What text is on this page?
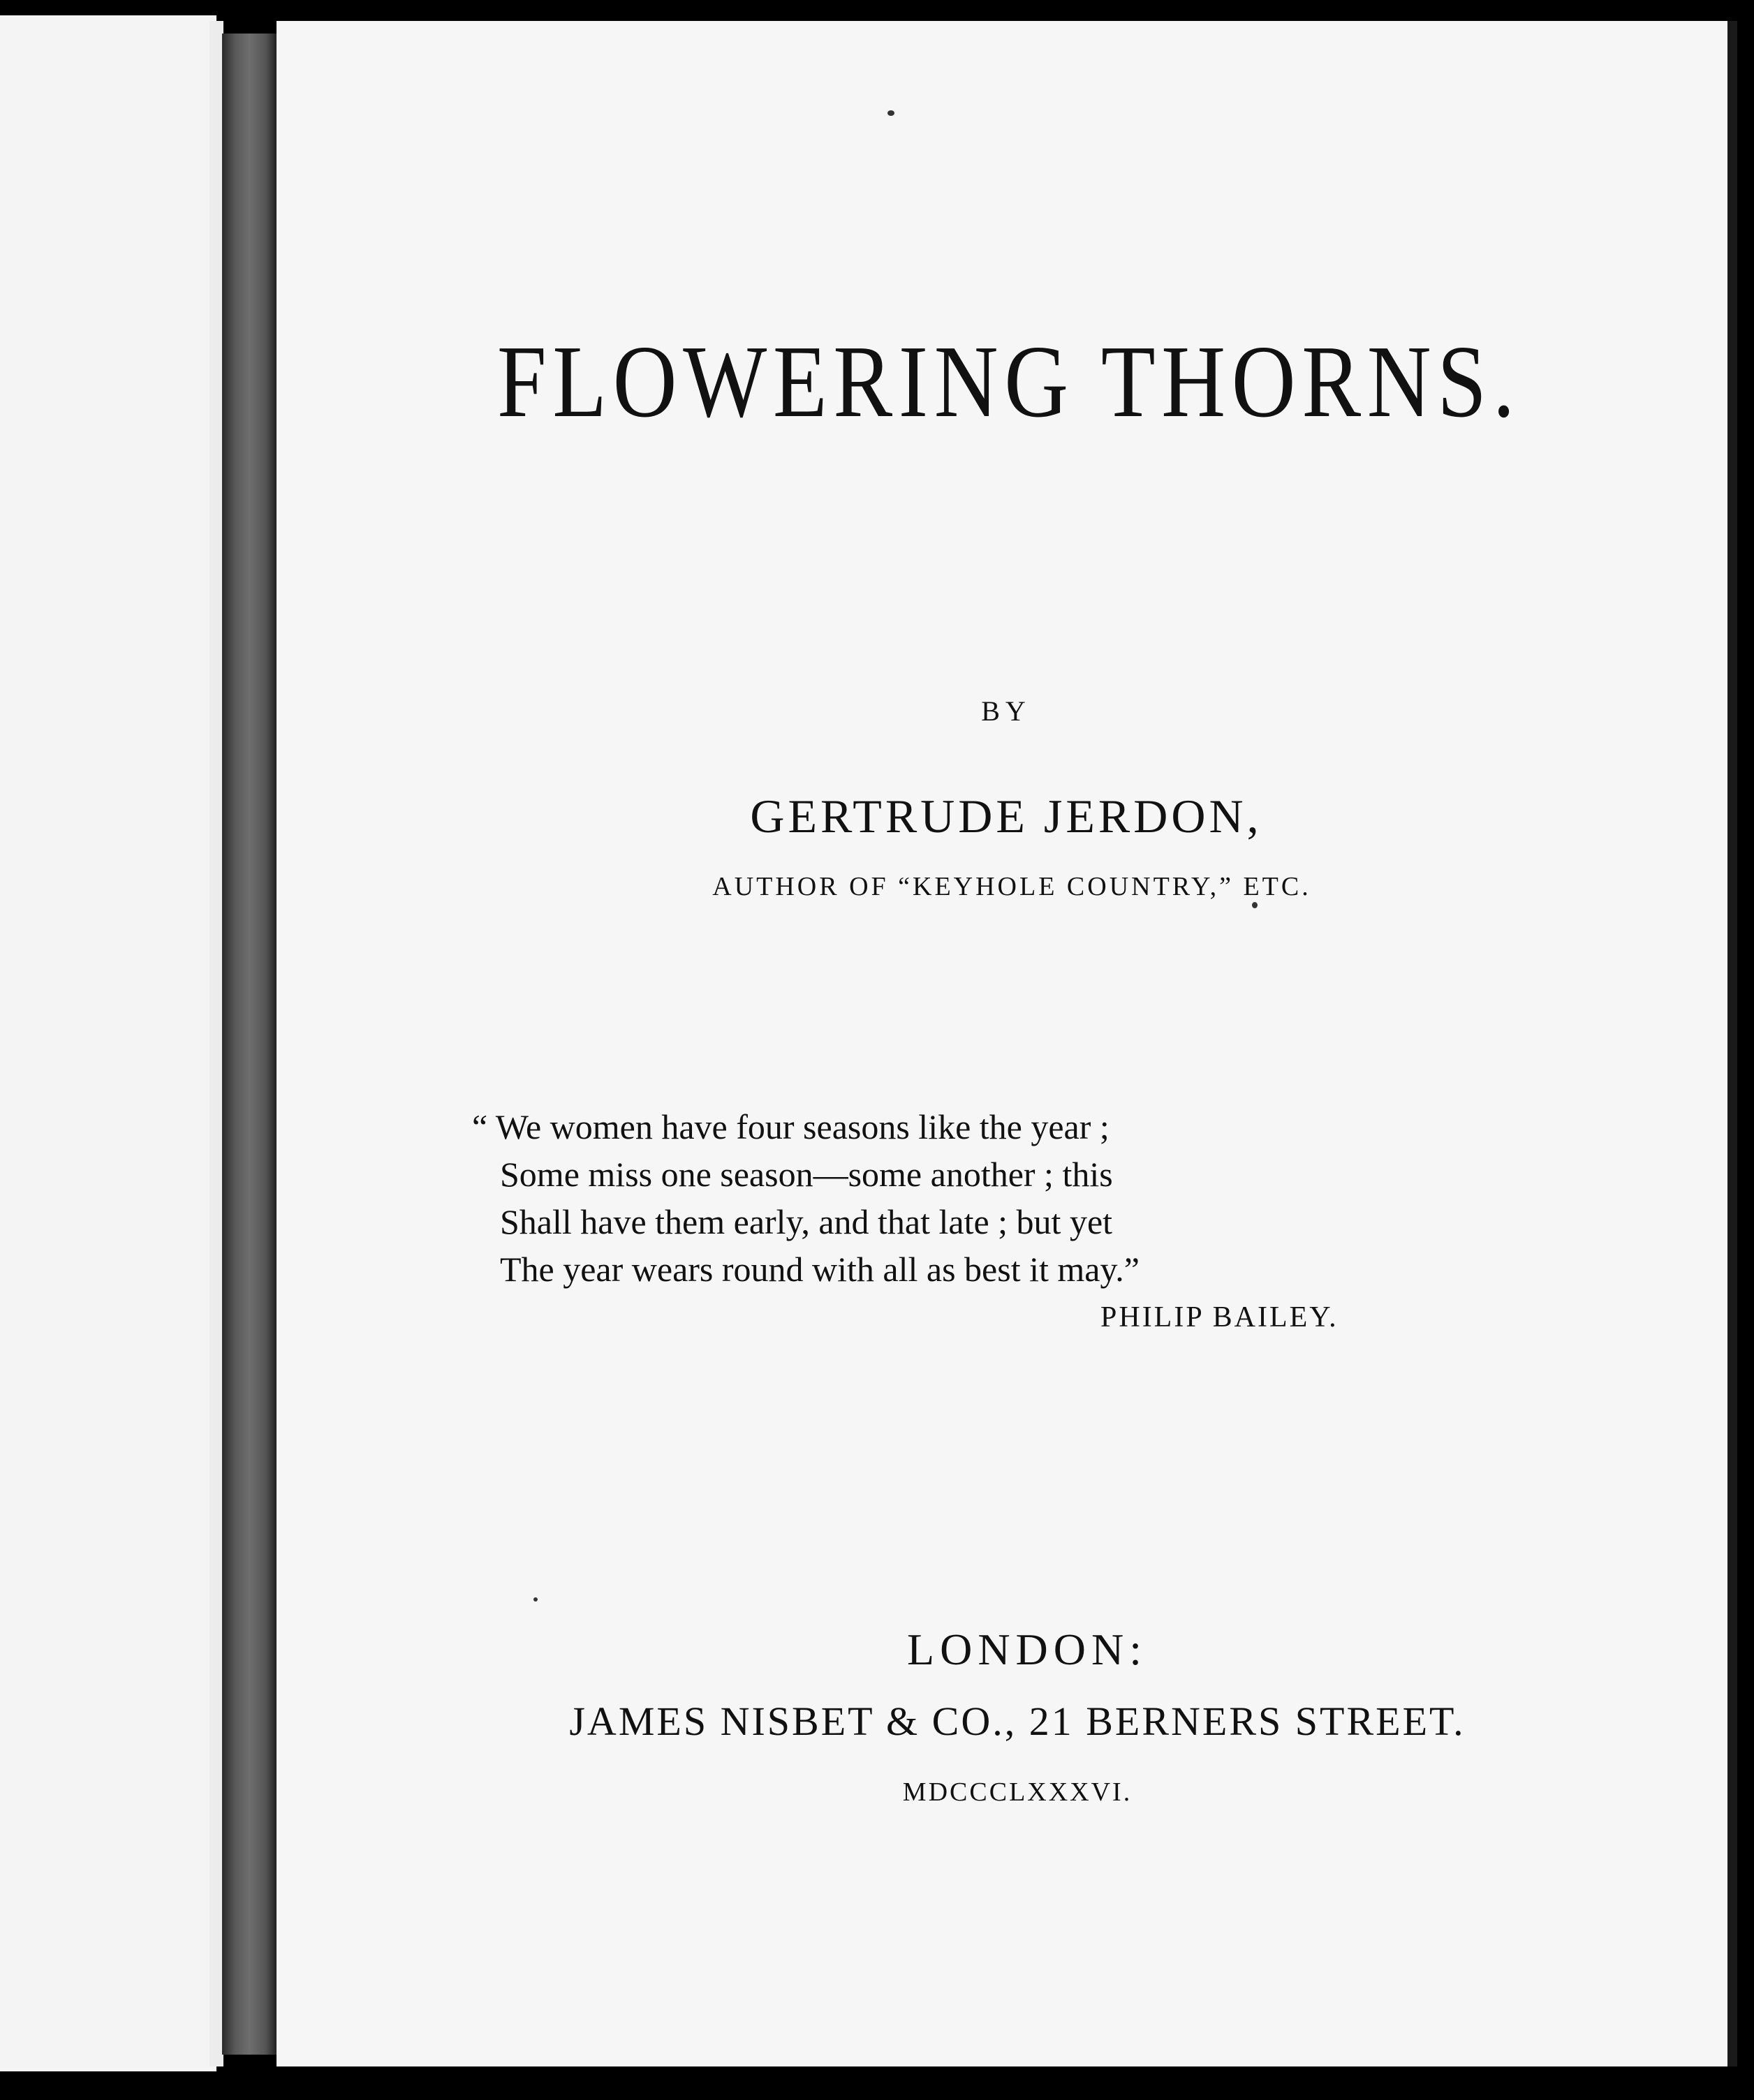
FLOWERING THORNS.
BY
GERTRUDE JERDON,
AUTHOR OF “KEYHOLE COUNTRY,” ETC.
“ We women have four seasons like the year ;
Some miss one season—some another ; this
Shall have them early, and that late ; but yet
The year wears round with all as best it may.”
PHILIP BAILEY.
LONDON:
JAMES NISBET & CO., 21 BERNERS STREET.
MDCCCLXXXVI.
